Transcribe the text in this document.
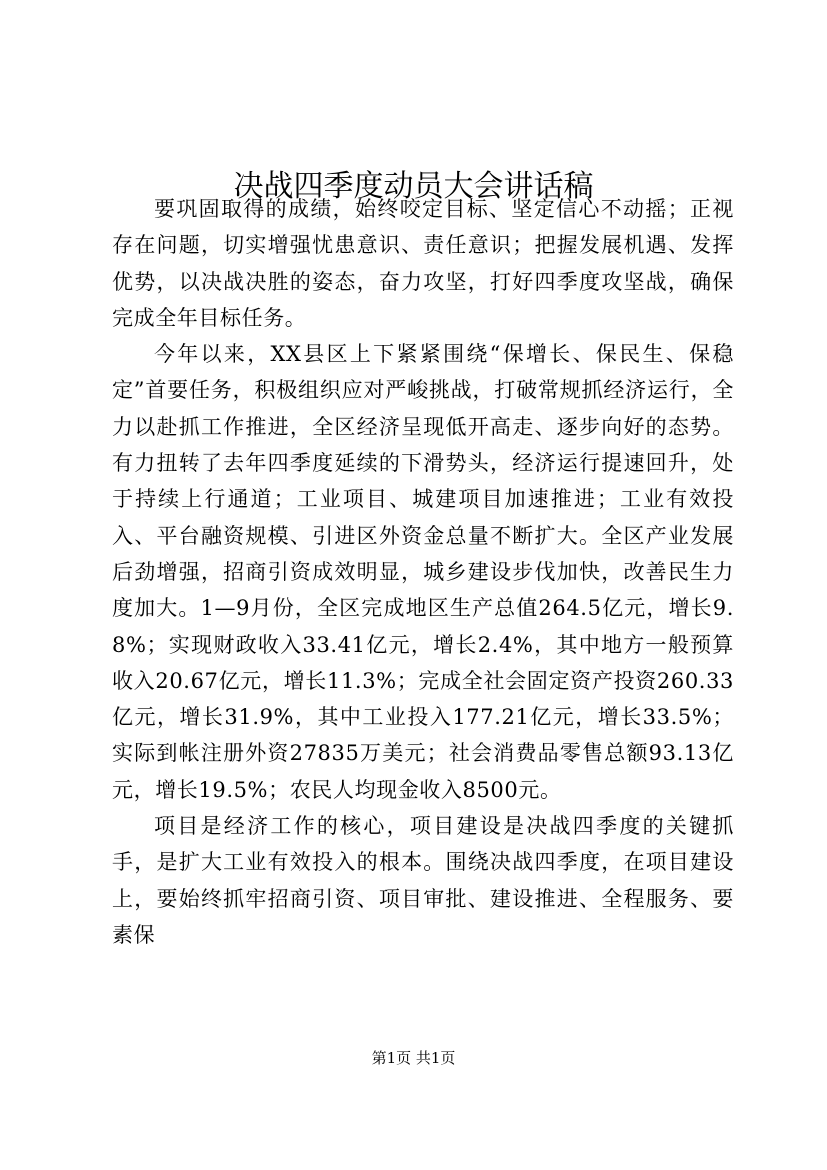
决战四季度动员大会讲话稿

要巩固取得的成绩，始终咬定目标、坚定信心不动摇；正视存在问题，切实增强忧患意识、责任意识；把握发展机遇、发挥优势，以决战决胜的姿态，奋力攻坚，打好四季度攻坚战，确保完成全年目标任务。

今年以来，XX县区上下紧紧围绕“保增长、保民生、保稳定”首要任务，积极组织应对严峻挑战，打破常规抓经济运行，全力以赴抓工作推进，全区经济呈现低开高走、逐步向好的态势。有力扭转了去年四季度延续的下滑势头，经济运行提速回升，处于持续上行通道；工业项目、城建项目加速推进；工业有效投入、平台融资规模、引进区外资金总量不断扩大。全区产业发展后劲增强，招商引资成效明显，城乡建设步伐加快，改善民生力度加大。1—9月份，全区完成地区生产总值264.5亿元，增长9.8%；实现财政收入33.41亿元，增长2.4%，其中地方一般预算收入20.67亿元，增长11.3%；完成全社会固定资产投资260.33亿元，增长31.9%，其中工业投入177.21亿元，增长33.5%；实际到帐注册外资27835万美元；社会消费品零售总额93.13亿元，增长19.5%；农民人均现金收入8500元。

项目是经济工作的核心，项目建设是决战四季度的关键抓手，是扩大工业有效投入的根本。围绕决战四季度，在项目建设上，要始终抓牢招商引资、项目审批、建设推进、全程服务、要素保

第1页 共1页
